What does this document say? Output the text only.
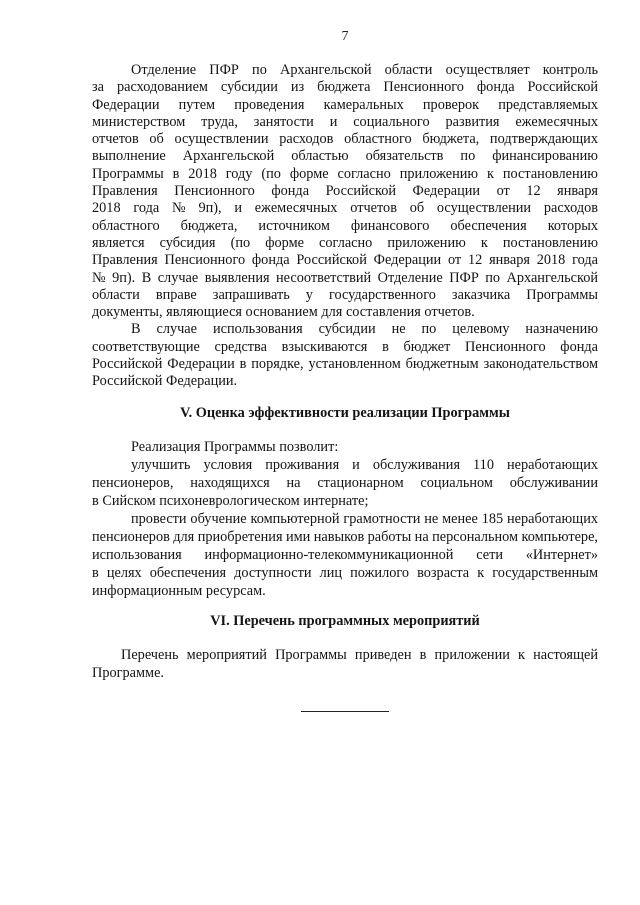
7
Отделение ПФР по Архангельской области осуществляет контроль
за расходованием субсидии из бюджета Пенсионного фонда Российской
Федерации путем проведения камеральных проверок представляемых
министерством труда, занятости и социального развития ежемесячных
отчетов об осуществлении расходов областного бюджета, подтверждающих
выполнение Архангельской областью обязательств по финансированию
Программы в 2018 году (по форме согласно приложению к постановлению
Правления Пенсионного фонда Российской Федерации от 12 января
2018 года № 9п), и ежемесячных отчетов об осуществлении расходов
областного бюджета, источником финансового обеспечения которых
является субсидия (по форме согласно приложению к постановлению
Правления Пенсионного фонда Российской Федерации от 12 января 2018 года
№ 9п). В случае выявления несоответствий Отделение ПФР по Архангельской
области вправе запрашивать у государственного заказчика Программы
документы, являющиеся основанием для составления отчетов.
В случае использования субсидии не по целевому назначению
соответствующие средства взыскиваются в бюджет Пенсионного фонда
Российской Федерации в порядке, установленном бюджетным законодательством
Российской Федерации.
V. Оценка эффективности реализации Программы
Реализация Программы позволит:
улучшить условия проживания и обслуживания 110 неработающих
пенсионеров, находящихся на стационарном социальном обслуживании
в Сийском психоневрологическом интернате;
провести обучение компьютерной грамотности не менее 185 неработающих
пенсионеров для приобретения ими навыков работы на персональном компьютере,
использования информационно-телекоммуникационной сети «Интернет»
в целях обеспечения доступности лиц пожилого возраста к государственным
информационным ресурсам.
VI. Перечень программных мероприятий
Перечень мероприятий Программы приведен в приложении к настоящей
Программе.
